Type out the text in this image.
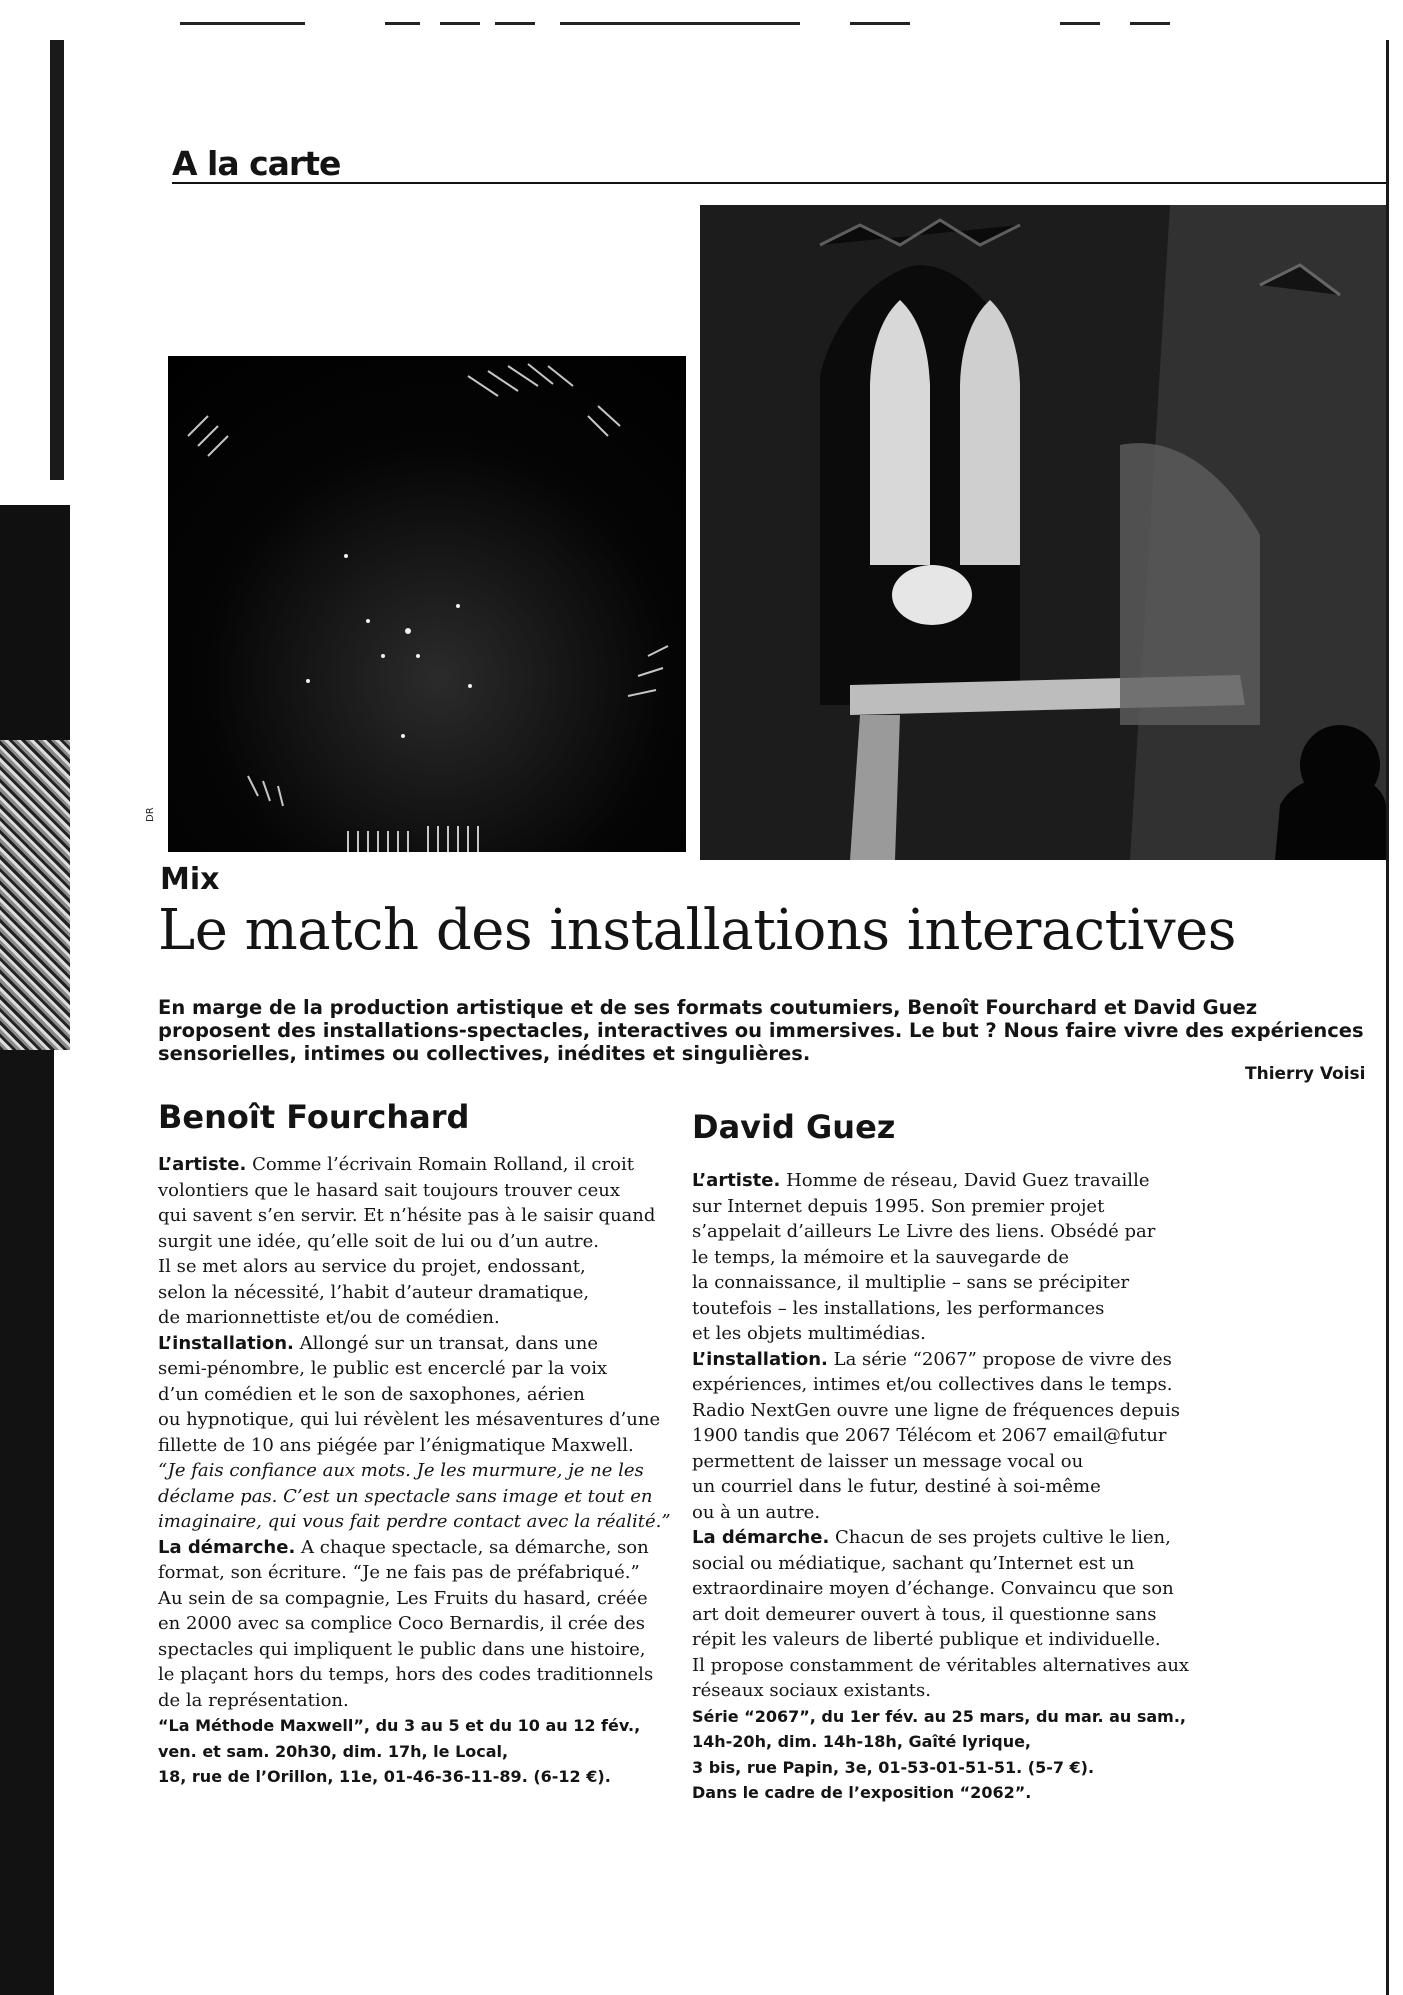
A la carte
DR
Mix
Le match des installations interactives

En marge de la production artistique et de ses formats coutumiers, Benoît Fourchard et David Guez

proposent des installations-spectacles, interactives ou immersives. Le but ? Nous faire vivre des expériences

sensorielles, intimes ou collectives, inédites et singulières.

Thierry Voisi
Benoît Fourchard

L’artiste. Comme l’écrivain Romain Rolland, il croit

volontiers que le hasard sait toujours trouver ceux

qui savent s’en servir. Et n’hésite pas à le saisir quand

surgit une idée, qu’elle soit de lui ou d’un autre.

Il se met alors au service du projet, endossant,

selon la nécessité, l’habit d’auteur dramatique,

de marionnettiste et/ou de comédien.

L’installation. Allongé sur un transat, dans une

semi-pénombre, le public est encerclé par la voix

d’un comédien et le son de saxophones, aérien

ou hypnotique, qui lui révèlent les mésaventures d’une

fillette de 10 ans piégée par l’énigmatique Maxwell.

“Je fais confiance aux mots. Je les murmure, je ne les

déclame pas. C’est un spectacle sans image et tout en

imaginaire, qui vous fait perdre contact avec la réalité.”

La démarche. A chaque spectacle, sa démarche, son

format, son écriture. “Je ne fais pas de préfabriqué.”

Au sein de sa compagnie, Les Fruits du hasard, créée

en 2000 avec sa complice Coco Bernardis, il crée des

spectacles qui impliquent le public dans une histoire,

le plaçant hors du temps, hors des codes traditionnels

de la représentation.

“La Méthode Maxwell”, du 3 au 5 et du 10 au 12 fév.,

ven. et sam. 20h30, dim. 17h, le Local,

18, rue de l’Orillon, 11e, 01-46-36-11-89. (6-12 €).

David Guez

L’artiste. Homme de réseau, David Guez travaille

sur Internet depuis 1995. Son premier projet

s’appelait d’ailleurs Le Livre des liens. Obsédé par

le temps, la mémoire et la sauvegarde de

la connaissance, il multiplie – sans se précipiter

toutefois – les installations, les performances

et les objets multimédias.

L’installation. La série “2067” propose de vivre des

expériences, intimes et/ou collectives dans le temps.

Radio NextGen ouvre une ligne de fréquences depuis

1900 tandis que 2067 Télécom et 2067 email@futur

permettent de laisser un message vocal ou

un courriel dans le futur, destiné à soi-même

ou à un autre.

La démarche. Chacun de ses projets cultive le lien,

social ou médiatique, sachant qu’Internet est un

extraordinaire moyen d’échange. Convaincu que son

art doit demeurer ouvert à tous, il questionne sans

répit les valeurs de liberté publique et individuelle.

Il propose constamment de véritables alternatives aux

réseaux sociaux existants.

Série “2067”, du 1er fév. au 25 mars, du mar. au sam.,

14h-20h, dim. 14h-18h, Gaîté lyrique,

3 bis, rue Papin, 3e, 01-53-01-51-51. (5-7 €).

Dans le cadre de l’exposition “2062”.
